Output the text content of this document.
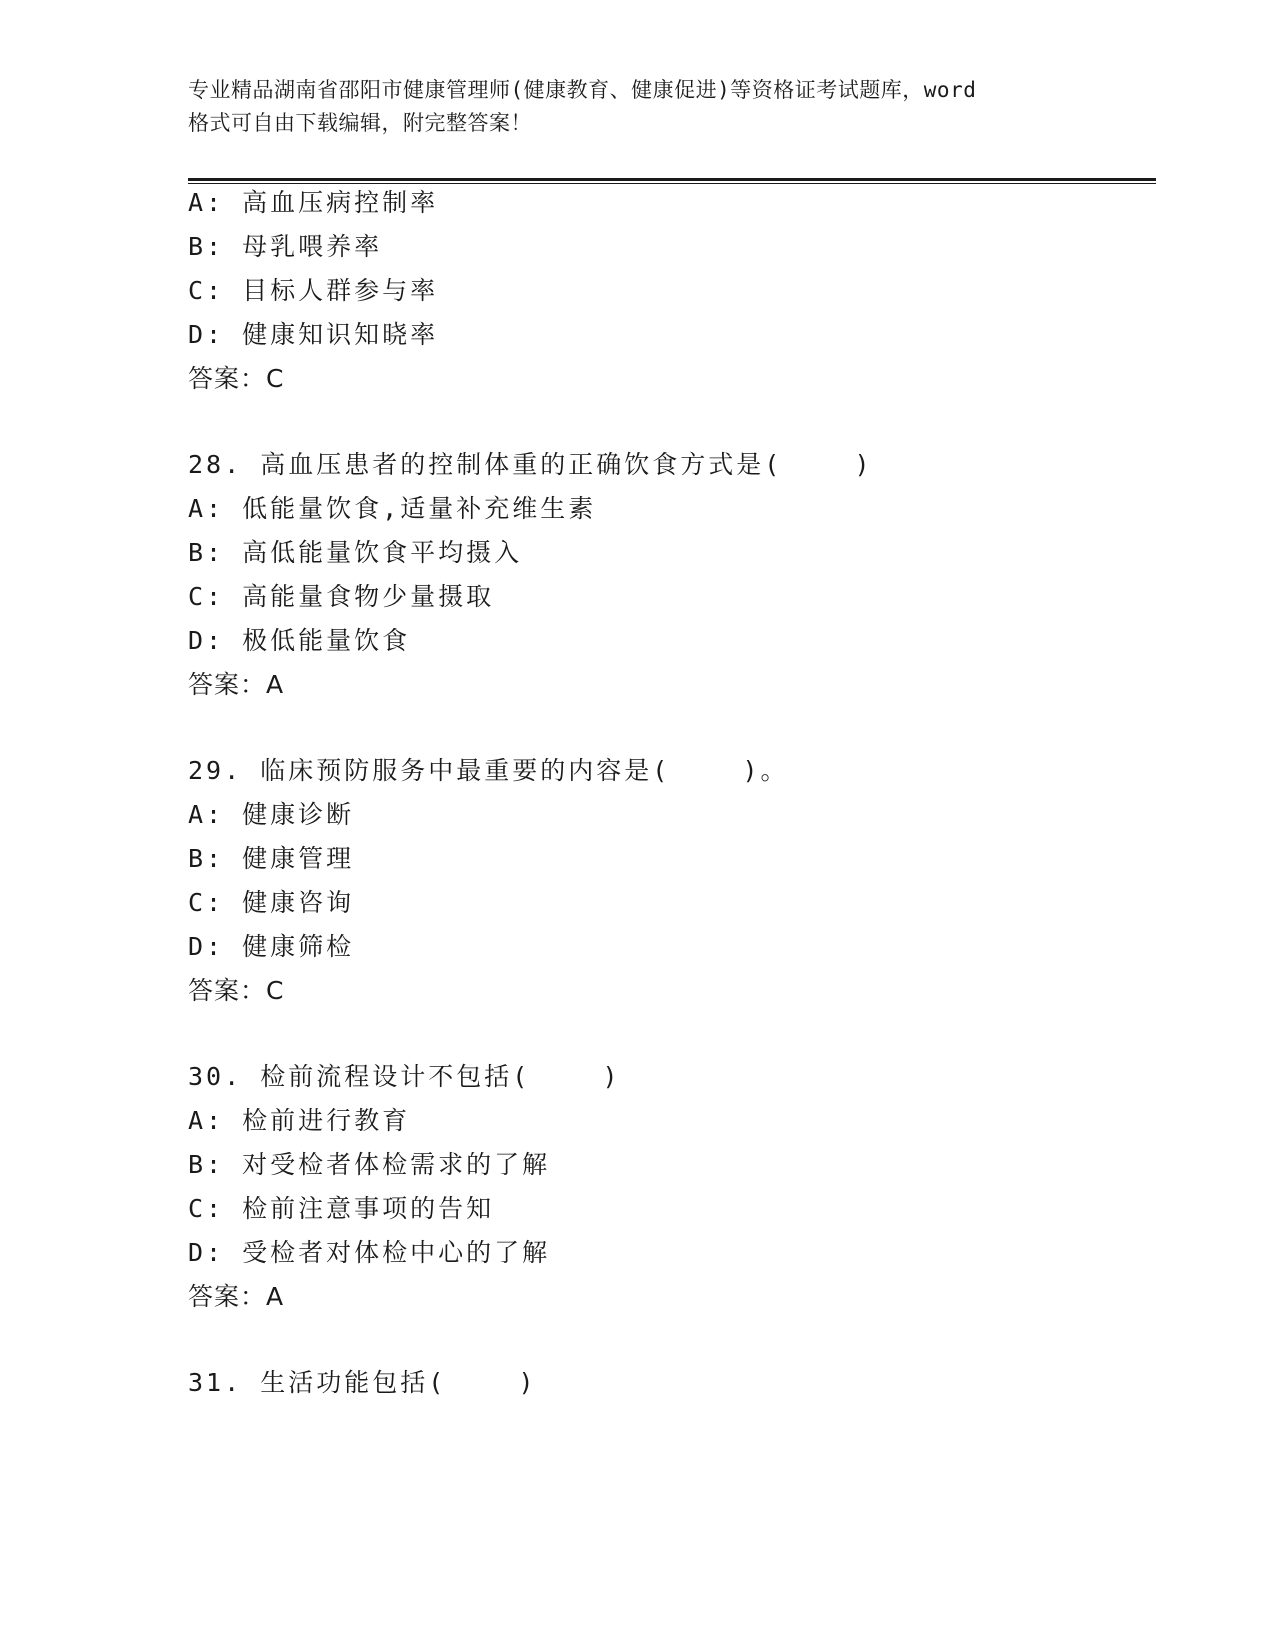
专业精品湖南省邵阳市健康管理师(健康教育、健康促进)等资格证考试题库，word
格式可自由下载编辑，附完整答案！
A: 高血压病控制率
B: 母乳喂养率
C: 目标人群参与率
D: 健康知识知晓率
答案：C
28. 高血压患者的控制体重的正确饮食方式是(    )
A: 低能量饮食,适量补充维生素
B: 高低能量饮食平均摄入
C: 高能量食物少量摄取
D: 极低能量饮食
答案：A
29. 临床预防服务中最重要的内容是(    )。
A: 健康诊断
B: 健康管理
C: 健康咨询
D: 健康筛检
答案：C
30. 检前流程设计不包括(    )
A: 检前进行教育
B: 对受检者体检需求的了解
C: 检前注意事项的告知
D: 受检者对体检中心的了解
答案：A
31. 生活功能包括(    )
